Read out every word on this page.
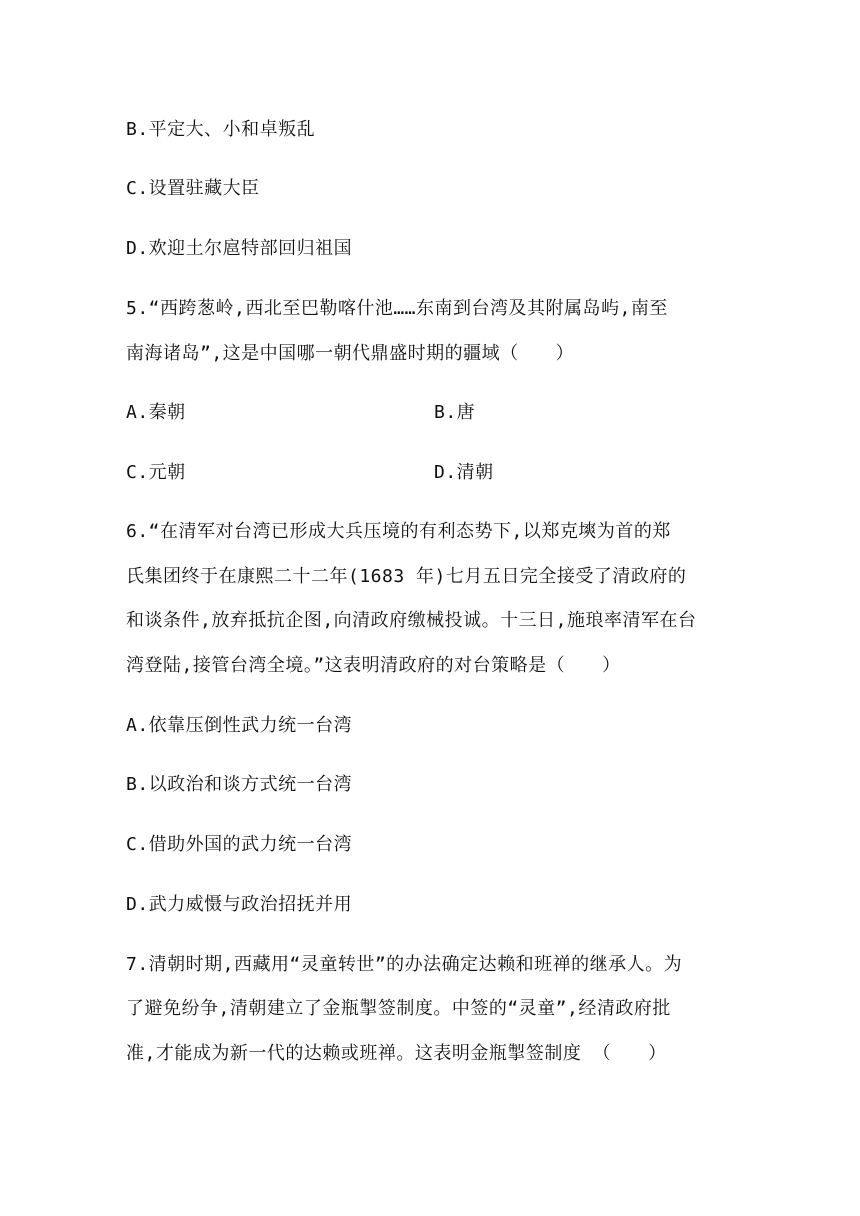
B.平定大、小和卓叛乱
C.设置驻藏大臣
D.欢迎土尔扈特部回归祖国
5.“西跨葱岭,西北至巴勒喀什池……东南到台湾及其附属岛屿,南至
南海诸岛”,这是中国哪一朝代鼎盛时期的疆域（　　）
A.秦朝	B.唐
C.元朝	D.清朝
6.“在清军对台湾已形成大兵压境的有利态势下,以郑克塽为首的郑
氏集团终于在康熙二十二年(1683 年)七月五日完全接受了清政府的
和谈条件,放弃抵抗企图,向清政府缴械投诚。十三日,施琅率清军在台
湾登陆,接管台湾全境。”这表明清政府的对台策略是（　　）
A.依靠压倒性武力统一台湾
B.以政治和谈方式统一台湾
C.借助外国的武力统一台湾
D.武力威慑与政治招抚并用
7.清朝时期,西藏用“灵童转世”的办法确定达赖和班禅的继承人。为
了避免纷争,清朝建立了金瓶掣签制度。中签的“灵童”,经清政府批
准,才能成为新一代的达赖或班禅。这表明金瓶掣签制度 （　　）
